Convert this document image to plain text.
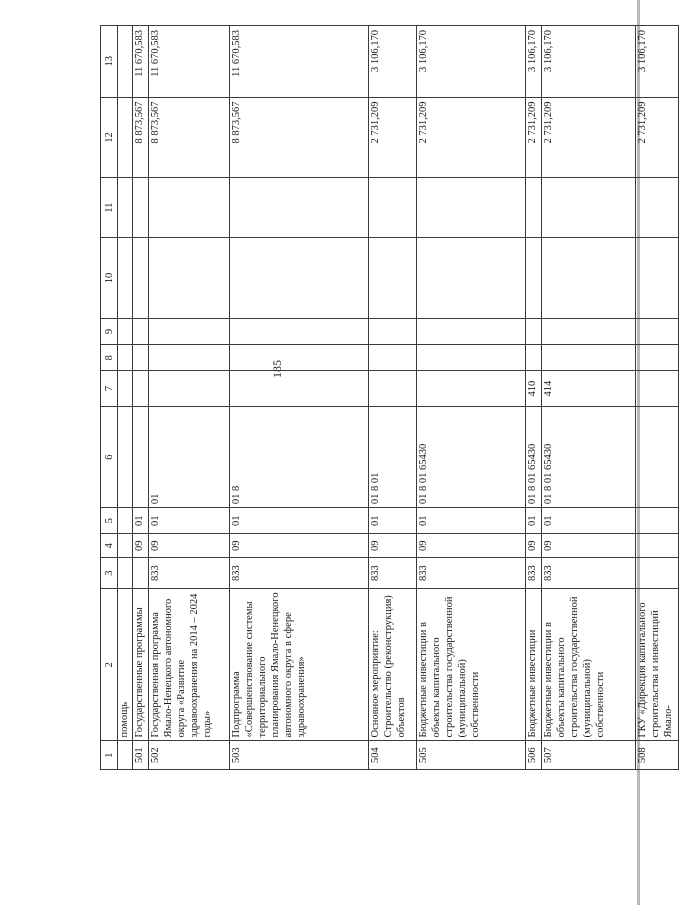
185
1	2	3	4	5	6	7	8	9	10	11	12	13
	помощь											
501	Государственные программы		09	01							8 873,567	11 670,583
502	Государственная программа Ямало-Ненецкого автономного округа «Развитие здравоохранения на 2014 – 2024 годы»	833	09	01	01						8 873,567	11 670,583
503	Подпрограмма «Совершенствование системы территориального планирования Ямало-Ненецкого автономного округа в сфере здравоохранения»	833	09	01	01 8						8 873,567	11 670,583
504	Основное мероприятие: Строительство (реконструкция) объектов	833	09	01	01 8 01						2 731,209	3 106,170
505	Бюджетные инвестиции в объекты капитального строительства государственной (муниципальной) собственности	833	09	01	01 8 01 65430						2 731,209	3 106,170
506	Бюджетные инвестиции	833	09	01	01 8 01 65430	410					2 731,209	3 106,170
507	Бюджетные инвестиции в объекты капитального строительства государственной (муниципальной) собственности	833	09	01	01 8 01 65430	414					2 731,209	3 106,170
508	ГКУ «Дирекция капитального строительства и инвестиций Ямало-										2 731,209	3 106,170
